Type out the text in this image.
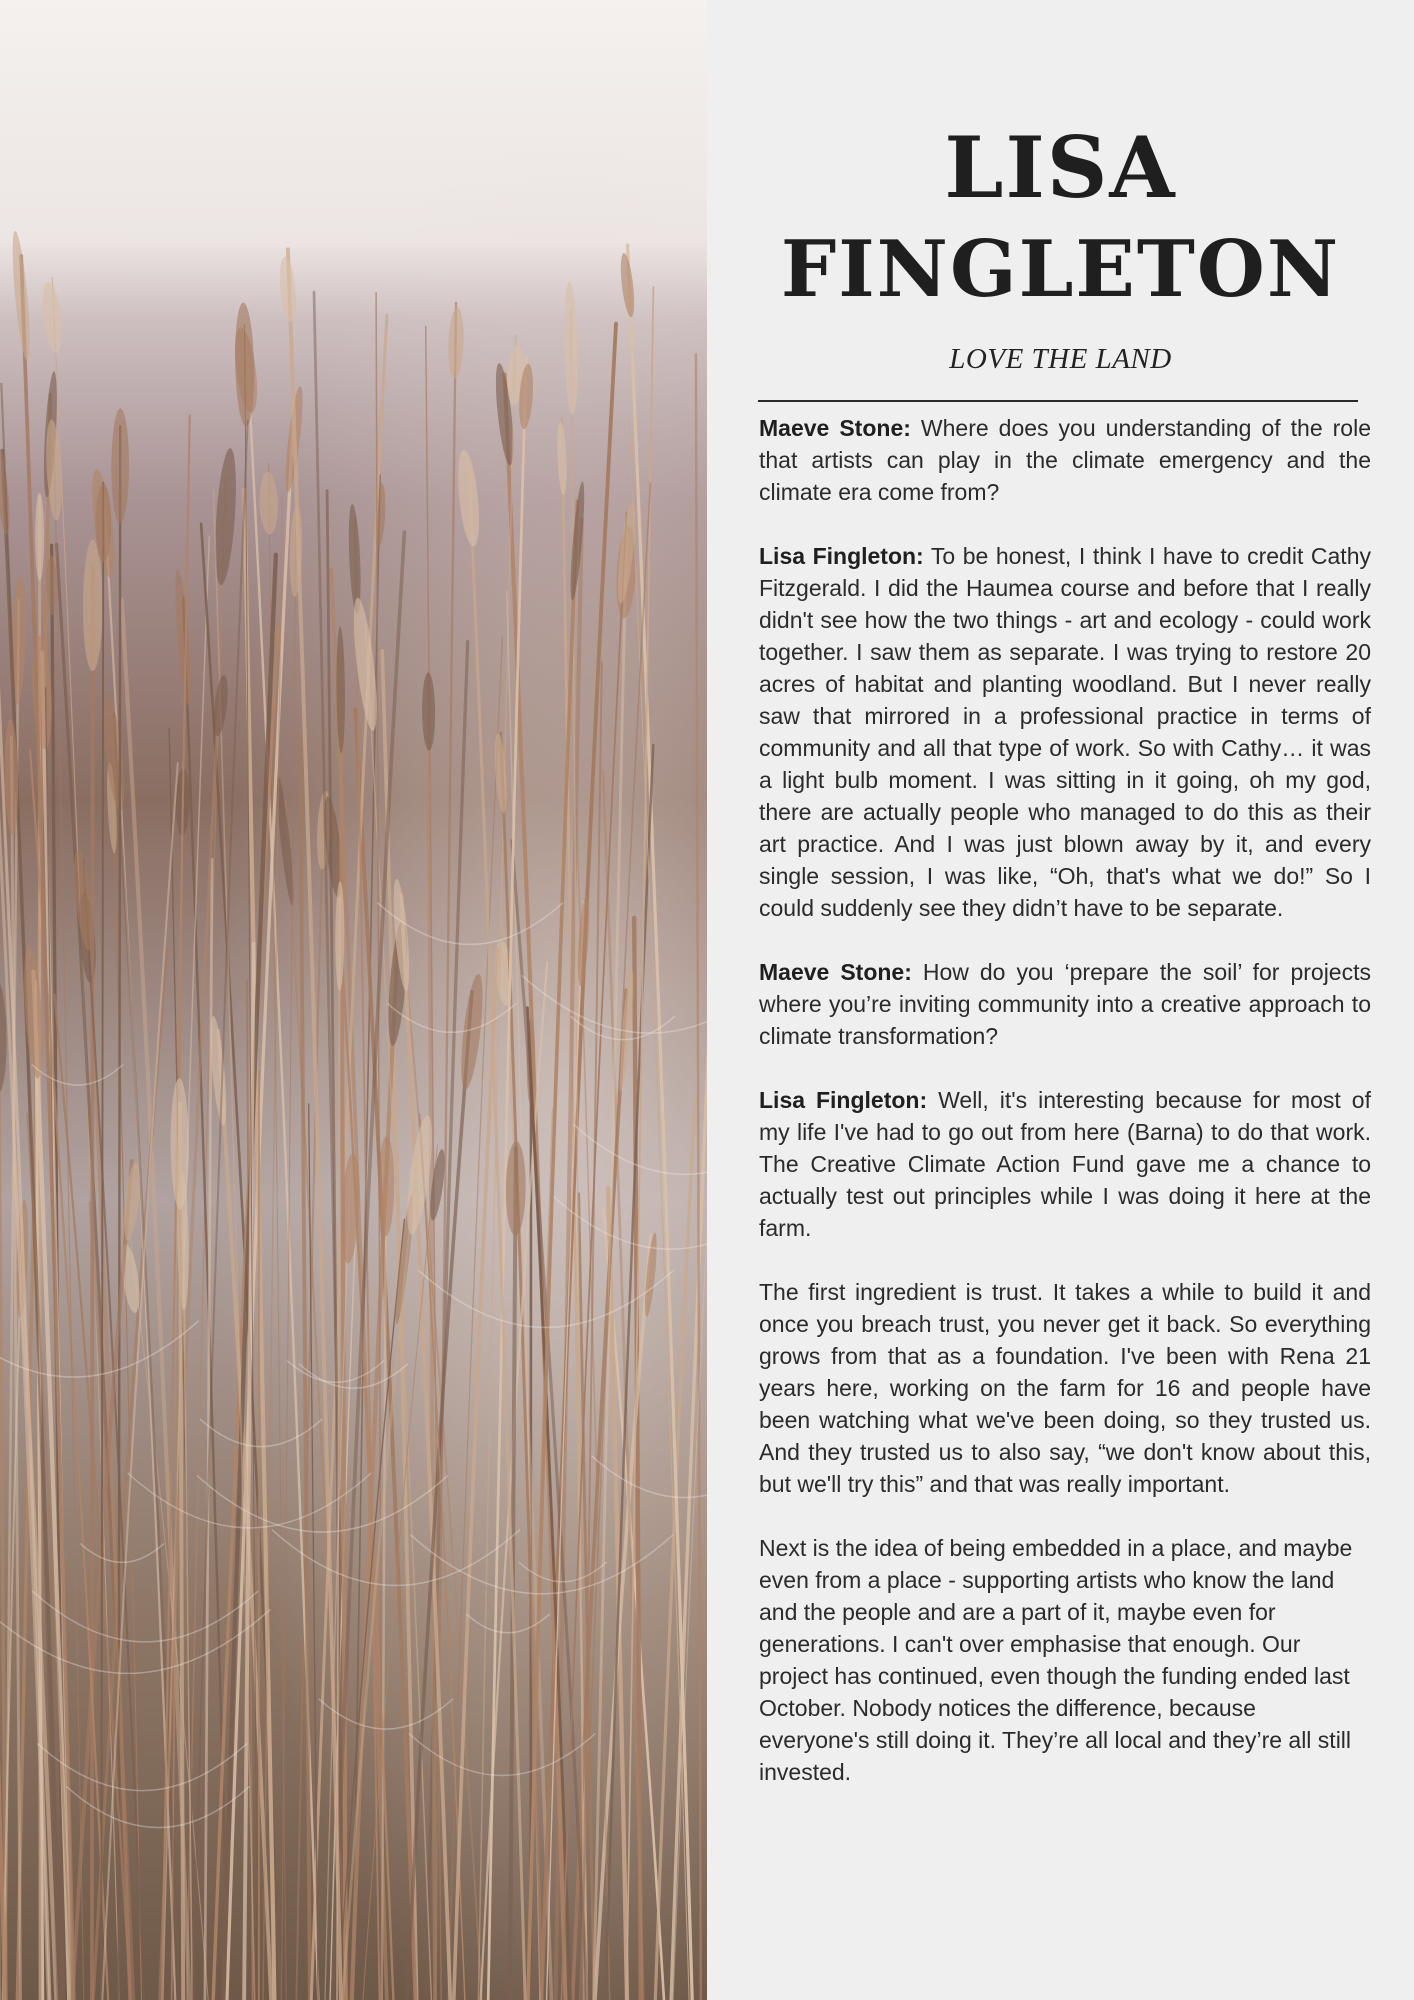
LISA
FINGLETON

LOVE THE LAND

Maeve Stone: Where does you understanding of the role that artists can play in the climate emergency and the climate era come from?

Lisa Fingleton: To be honest, I think I have to credit Cathy Fitzgerald. I did the Haumea course and before that I really didn't see how the two things - art and ecology - could work together. I saw them as separate. I was trying to restore 20 acres of habitat and planting woodland. But I never really saw that mirrored in a professional practice in terms of community and all that type of work. So with Cathy… it was a light bulb moment. I was sitting in it going, oh my god, there are actually people who managed to do this as their art practice. And I was just blown away by it, and every single session, I was like, “Oh, that's what we do!” So I could suddenly see they didn’t have to be separate.

Maeve Stone: How do you ‘prepare the soil’ for projects where you’re inviting community into a creative approach to climate transformation?

Lisa Fingleton: Well, it's interesting because for most of my life I've had to go out from here (Barna) to do that work. The Creative Climate Action Fund gave me a chance to actually test out principles while I was doing it here at the farm.

The first ingredient is trust. It takes a while to build it and once you breach trust, you never get it back. So everything grows from that as a foundation. I've been with Rena 21 years here, working on the farm for 16 and people have been watching what we've been doing, so they trusted us. And they trusted us to also say, “we don't know about this, but we'll try this” and that was really important.

Next is the idea of being embedded in a place, and maybe even from a place - supporting artists who know the land and the people and are a part of it, maybe even for generations. I can't over emphasise that enough. Our project has continued, even though the funding ended last October. Nobody notices the difference, because everyone's still doing it. They’re all local and they’re all still invested.
